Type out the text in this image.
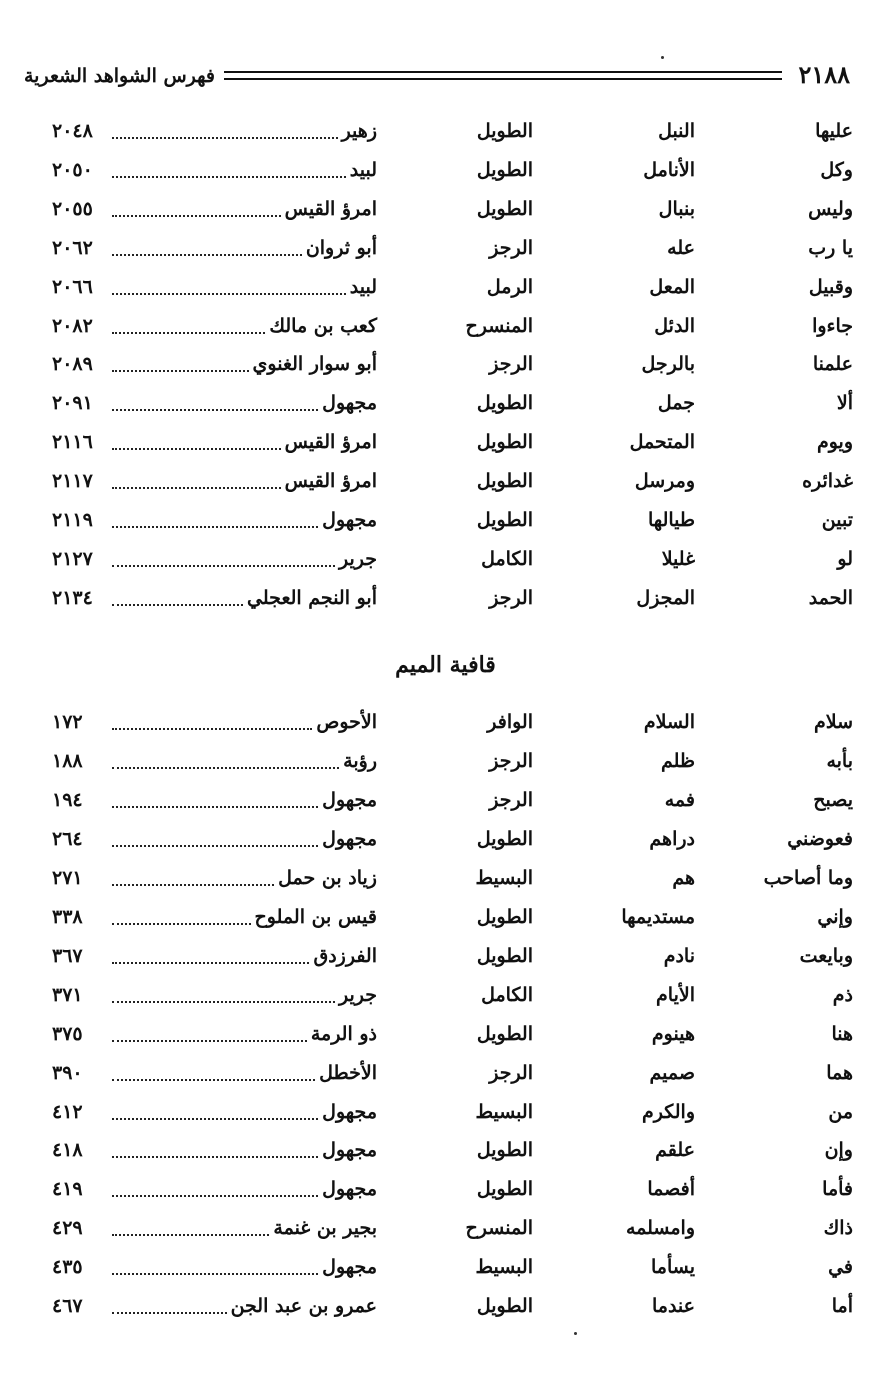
٢١٨٨
فهرس الشواهد الشعرية
عليها
النبل
الطويل
زهير
٢٠٤٨
وكل
الأنامل
الطويل
لبيد
٢٠٥٠
وليس
بنبال
الطويل
امرؤ القيس
٢٠٥٥
يا رب
عله
الرجز
أبو ثروان
٢٠٦٢
وقبيل
المعل
الرمل
لبيد
٢٠٦٦
جاءوا
الدئل
المنسرح
كعب بن مالك
٢٠٨٢
علمنا
بالرجل
الرجز
أبو سوار الغنوي
٢٠٨٩
ألا
جمل
الطويل
مجهول
٢٠٩١
ويوم
المتحمل
الطويل
امرؤ القيس
٢١١٦
غدائره
ومرسل
الطويل
امرؤ القيس
٢١١٧
تبين
طيالها
الطويل
مجهول
٢١١٩
لو
غليلا
الكامل
جرير
٢١٢٧
الحمد
المجزل
الرجز
أبو النجم العجلي
٢١٣٤
قافية الميم
سلام
السلام
الوافر
الأحوص
١٧٢
بأبه
ظلم
الرجز
رؤبة
١٨٨
يصبح
فمه
الرجز
مجهول
١٩٤
فعوضني
دراهم
الطويل
مجهول
٢٦٤
وما أصاحب
هم
البسيط
زياد بن حمل
٢٧١
وإني
مستديمها
الطويل
قيس بن الملوح
٣٣٨
وبايعت
نادم
الطويل
الفرزدق
٣٦٧
ذم
الأيام
الكامل
جرير
٣٧١
هنا
هينوم
الطويل
ذو الرمة
٣٧٥
هما
صميم
الرجز
الأخطل
٣٩٠
من
والكرم
البسيط
مجهول
٤١٢
وإن
علقم
الطويل
مجهول
٤١٨
فأما
أفصما
الطويل
مجهول
٤١٩
ذاك
وامسلمه
المنسرح
بجير بن غنمة
٤٢٩
في
يسأما
البسيط
مجهول
٤٣٥
أما
عندما
الطويل
عمرو بن عبد الجن
٤٦٧
